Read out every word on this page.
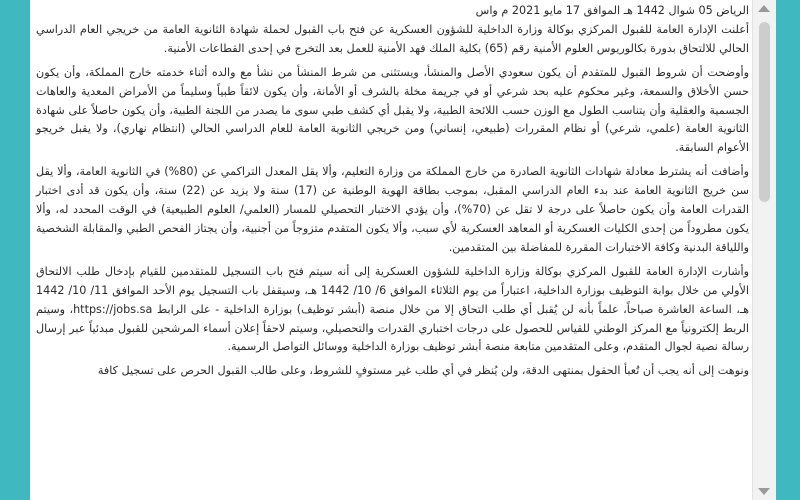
الرياض 05 شوال 1442 هـ الموافق 17 مايو 2021 م واس

أعلنت الإدارة العامة للقبول المركزي بوكالة وزارة الداخلية للشؤون العسكرية عن فتح باب القبول لحملة شهادة الثانوية العامة من خريجي العام الدراسي الحالي للالتحاق بدورة بكالوريوس العلوم الأمنية رقم (65) بكلية الملك فهد الأمنية للعمل بعد التخرج في إحدى القطاعات الأمنية.

وأوضحت أن شروط القبول للمتقدم أن يكون سعودي الأصل والمنشأ، ويستثنى من شرط المنشأ من نشأ مع والده أثناء خدمته خارج المملكة، وأن يكون حسن الأخلاق والسمعة، وغير محكوم عليه بحد شرعي أو في جريمة مخلة بالشرف أو الأمانة، وأن يكون لائقاً طبياً وسليماً من الأمراض المعدية والعاهات الجسمية والعقلية وأن يتناسب الطول مع الوزن حسب اللائحة الطبية، ولا يقبل أي كشف طبي سوى ما يصدر من اللجنة الطبية، وأن يكون حاصلاً على شهادة الثانوية العامة (علمي، شرعي) أو نظام المقررات (طبيعي، إنساني) ومن خريجي الثانوية العامة للعام الدراسي الحالي (انتظام نهاري)، ولا يقبل خريجو الأعوام السابقة.

وأضافت أنه يشترط معادلة شهادات الثانوية الصادرة من خارج المملكة من وزارة التعليم، وألا يقل المعدل التراكمي عن (80%) في الثانوية العامة، وألا يقل سن خريج الثانوية العامة عند بدء العام الدراسي المقبل، بموجب بطاقة الهوية الوطنية عن (17) سنة ولا يزيد عن (22) سنة، وأن يكون قد أدى اختبار القدرات العامة وأن يكون حاصلاً على درجة لا تقل عن (70%)، وأن يؤدي الاختبار التحصيلي للمسار (العلمي/ العلوم الطبيعية) في الوقت المحدد له، وألا يكون مطروداً من إحدى الكليات العسكرية أو المعاهد العسكرية لأي سبب، وألا يكون المتقدم متزوجاً من أجنبية، وأن يجتاز الفحص الطبي والمقابلة الشخصية واللياقة البدنية وكافة الاختبارات المقررة للمفاضلة بين المتقدمين.

وأشارت الإدارة العامة للقبول المركزي بوكالة وزارة الداخلية للشؤون العسكرية إلى أنه سيتم فتح باب التسجيل للمتقدمين للقيام بإدخال طلب الالتحاق الأولي من خلال بوابة التوظيف بوزارة الداخلية، اعتباراً من يوم الثلاثاء الموافق 6/ 10/ 1442 هـ، وسيقفل باب التسجيل يوم الأحد الموافق 11/ 10/ 1442 هـ، الساعة العاشرة صباحاً، علماً بأنه لن يُقبل أي طلب التحاق إلا من خلال منصة (أبشر توظيف) بوزارة الداخلية - على الرابط https://jobs.sa، وسيتم الربط إلكترونياً مع المركز الوطني للقياس للحصول على درجات اختباري القدرات والتحصيلي، وسيتم لاحقاً إعلان أسماء المرشحين للقبول مبدئياً عبر إرسال رسالة نصية لجوال المتقدم، وعلى المتقدمين متابعة منصة أبشر توظيف بوزارة الداخلية ووسائل التواصل الرسمية.

ونوهت إلى أنه يجب أن تُعبأ الحقول بمنتهى الدقة، ولن يُنظر في أي طلب غير مستوفٍ للشروط، وعلى طالب القبول الحرص على تسجيل كافة
